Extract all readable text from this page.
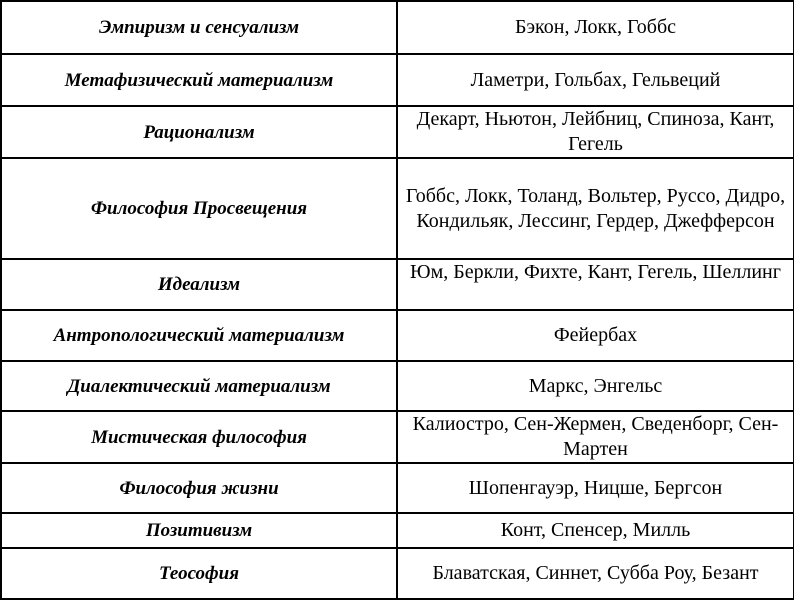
Эмпиризм и сенсуализм	Бэкон, Локк, Гоббс
Метафизический материализм	Ламетри, Гольбах, Гельвеций
Рационализм	Декарт, Ньютон, Лейбниц, Спиноза, Кант, Гегель
Философия Просвещения	Гоббс, Локк, Толанд, Вольтер, Руссо, Дидро, Кондильяк, Лессинг, Гердер, Джефферсон
Идеализм	Юм, Беркли, Фихте, Кант, Гегель, Шеллинг
Антропологический материализм	Фейербах
Диалектический материализм	Маркс, Энгельс
Мистическая философия	Калиостро, Сен-Жермен, Сведенборг, Сен-Мартен
Философия жизни	Шопенгауэр, Ницше, Бергсон
Позитивизм	Конт, Спенсер, Милль
Теософия	Блаватская, Синнет, Субба Роу, Безант
